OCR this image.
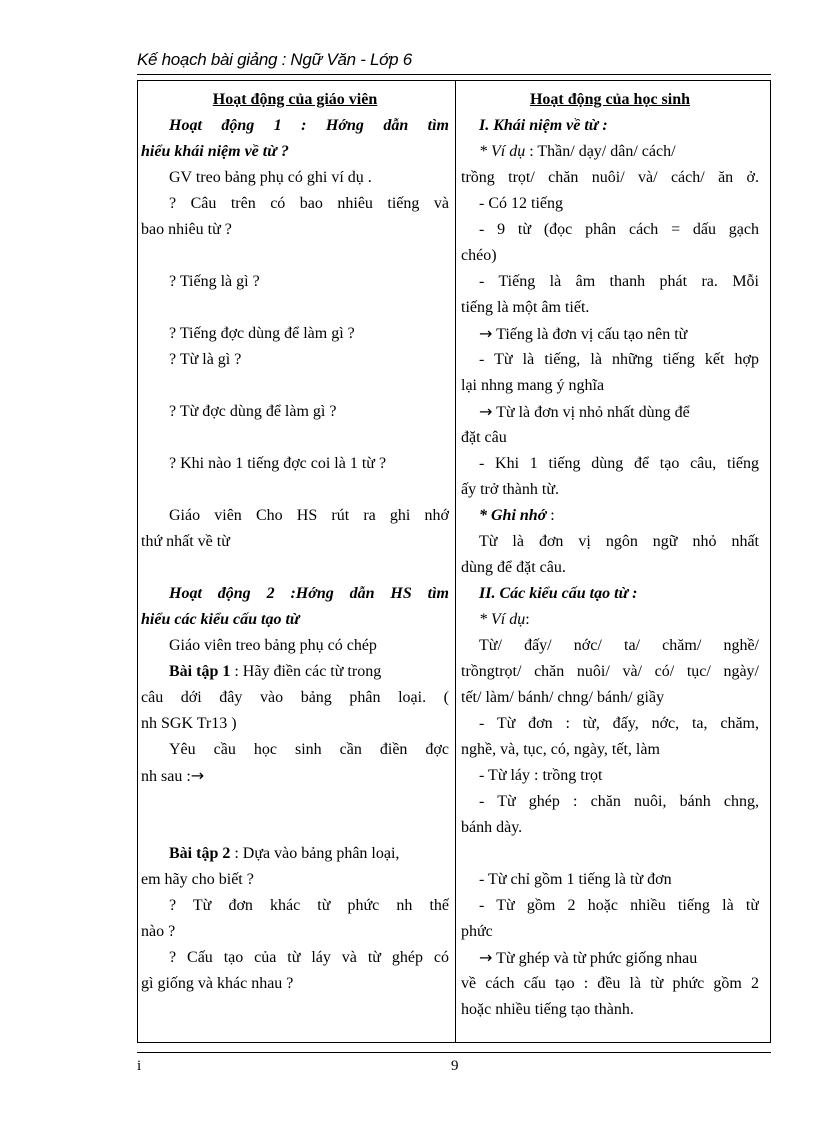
Kế hoạch bài giảng : Ngữ Văn - Lớp 6
Hoạt động của giáo viên
Hoạt động 1 : Hớng dẫn tìm
hiểu khái niệm về từ ?
GV treo bảng phụ có ghi ví dụ .
? Câu trên có bao nhiêu tiếng và
bao nhiêu từ ?
? Tiếng là gì ?
? Tiếng đợc dùng để làm gì ?
? Từ là gì ?
? Từ đợc dùng để làm gì ?
? Khi nào 1 tiếng đợc coi là 1 từ ?
Giáo viên Cho HS rút ra ghi nhớ
thứ nhất về từ
Hoạt động 2 :Hớng dẫn HS tìm
hiểu các kiểu cấu tạo từ
Giáo viên treo bảng phụ có chép
Bài tập 1 : Hãy điền các từ trong
câu dới đây vào bảng phân loại. (
nh SGK Tr13 )
Yêu cầu học sinh cần điền đợc
nh sau :→
Bài tập 2 : Dựa vào bảng phân loại,
em hãy cho biết ?
? Từ đơn khác từ phức nh thế
nào ?
? Cấu tạo của từ láy và từ ghép có
gì giống và khác nhau ?
Hoạt động của học sinh
I. Khái niệm về từ :
* Ví dụ : Thần/ dạy/ dân/ cách/
trồng trọt/ chăn nuôi/ và/ cách/ ăn ở.
- Có 12 tiếng
- 9 từ (đọc phân cách = dấu gạch
chéo)
- Tiếng là âm thanh phát ra. Mỗi
tiếng là một âm tiết.
→ Tiếng là đơn vị cấu tạo nên từ
- Từ là tiếng, là những tiếng kết hợp
lại nhng mang ý nghĩa
→ Từ là đơn vị nhỏ nhất dùng để
đặt câu
- Khi 1 tiếng dùng để tạo câu, tiếng
ấy trở thành từ.
* Ghi nhớ :
Từ là đơn vị ngôn ngữ nhỏ nhất
dùng để đặt câu.
II. Các kiểu cấu tạo từ :
* Ví dụ:
Từ/ đấy/ nớc/ ta/ chăm/ nghề/
trồngtrọt/ chăn nuôi/ và/ có/ tục/ ngày/
tết/ làm/ bánh/ chng/ bánh/ giầy
- Từ đơn : từ, đấy, nớc, ta, chăm,
nghề, và, tục, có, ngày, tết, làm
- Từ láy : trồng trọt
- Từ ghép : chăn nuôi, bánh chng,
bánh dày.
- Từ chỉ gồm 1 tiếng là từ đơn
- Từ gồm 2 hoặc nhiều tiếng là từ
phức
→ Từ ghép và từ phức giống nhau
về cách cấu tạo : đều là từ phức gồm 2
hoặc nhiều tiếng tạo thành.
i	9
